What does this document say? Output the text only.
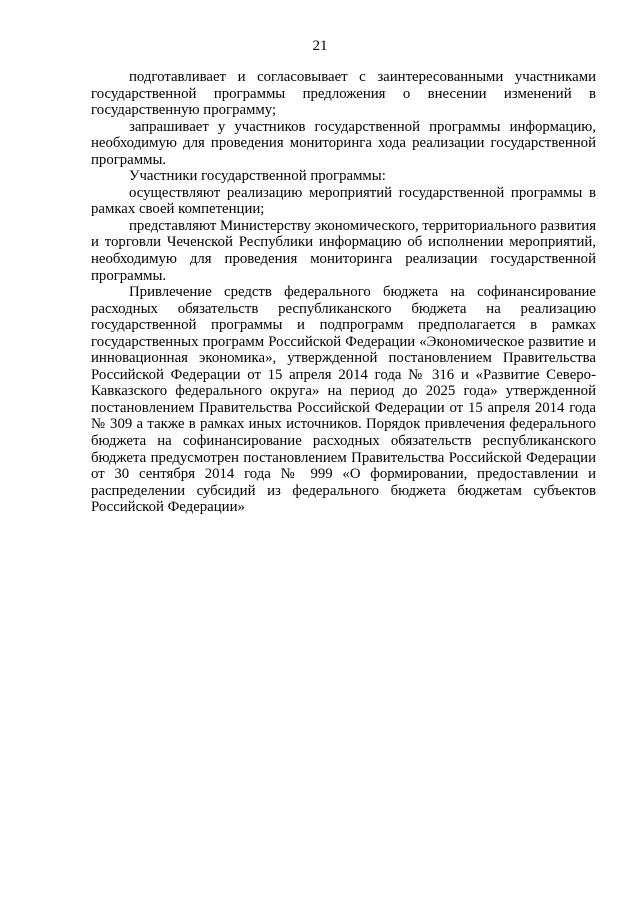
21

подготавливает и согласовывает с заинтересованными участниками государственной программы предложения о внесении изменений в государственную программу;

запрашивает у участников государственной программы информацию, необходимую для проведения мониторинга хода реализации государственной программы.

Участники государственной программы:

осуществляют реализацию мероприятий государственной программы в рамках своей компетенции;

представляют Министерству экономического, территориального развития и торговли Чеченской Республики информацию об исполнении мероприятий, необходимую для проведения мониторинга реализации государственной программы.

Привлечение средств федерального бюджета на софинансирование расходных обязательств республиканского бюджета на реализацию государственной программы и подпрограмм предполагается в рамках государственных программ Российской Федерации «Экономическое развитие и инновационная экономика», утвержденной постановлением Правительства Российской Федерации от 15 апреля 2014 года № 316 и «Развитие Северо-Кавказского федерального округа» на период до 2025 года» утвержденной постановлением Правительства Российской Федерации от 15 апреля 2014 года № 309 а также в рамках иных источников. Порядок привлечения федерального бюджета на софинансирование расходных обязательств республиканского бюджета предусмотрен постановлением Правительства Российской Федерации от 30 сентября 2014 года № 999 «О формировании, предоставлении и распределении субсидий из федерального бюджета бюджетам субъектов Российской Федерации»
